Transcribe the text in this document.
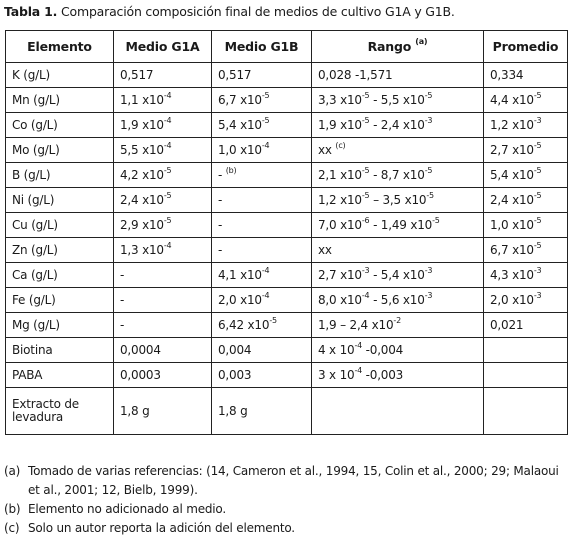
Tabla 1. Comparación composición final de medios de cultivo G1A y G1B.
Elemento	Medio G1A	Medio G1B	Rango $^{(a)}$	Promedio
K (g/L)	0,517	0,517	0,028 -1,571	0,334
Mn (g/L)	1,1 $x10^{-4}$	6,7 $x10^{-5}$	3,3 $x10^{-5} - 5,5$ $x10^{-5}$	4,4 $x10^{-5}$
Co (g/L)	1,9 $x10^{-4}$	5,4 $x10^{-5}$	1,9 $x10^{-5} - 2,4$ $x10^{-3}$	1,2 $x10^{-3}$
Mo (g/L)	5,5 $x10^{-4}$	1,0 $x10^{-4}$	xx $^{(c)}$	2,7 $x10^{-5}$
B (g/L)	4,2 $x10^{-5}$	- $^{(b)}$	2,1 $x10^{-5} - 8,7$ $x10^{-5}$	5,4 $x10^{-5}$
Ni (g/L)	2,4 $x10^{-5}$	-	1,2 $x10^{-5} - 3,5$ $x10^{-5}$	2,4 $x10^{-5}$
Cu (g/L)	2,9 $x10^{-5}$	-	7,0 $x10^{-6} - 1,49$ $x10^{-5}$	1,0 $x10^{-5}$
Zn (g/L)	1,3 $x10^{-4}$	-	xx	6,7 $x10^{-5}$
Ca (g/L)	-	4,1 $x10^{-4}$	2,7 $x10^{-3} - 5,4$ $x10^{-3}$	4,3 $x10^{-3}$
Fe (g/L)	-	2,0 $x10^{-4}$	8,0 $x10^{-4} - 5,6$ $x10^{-3}$	2,0 $x10^{-3}$
Mg (g/L)	-	6,42 $x10^{-5}$	1,9 – 2,4 $x10^{-2}$	0,021
Biotina	0,0004	0,004	4 x $10^{-4}$ -0,004	
PABA	0,0003	0,003	3 x $10^{-4}$ -0,003	
Extracto de levadura	1,8 g	1,8 g		
(a) Tomado de varias referencias: (14, Cameron et al., 1994, 15, Colin et al., 2000; 29; Malaoui et al., 2001; 12, Bielb, 1999).
(b) Elemento no adicionado al medio.
(c) Solo un autor reporta la adición del elemento.
